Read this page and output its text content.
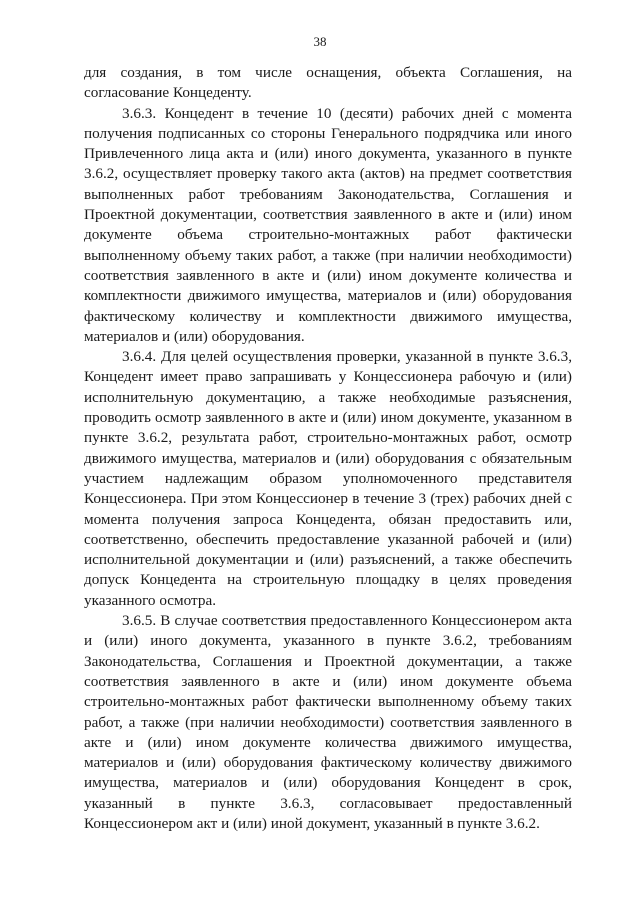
38

для создания, в том числе оснащения, объекта Соглашения, на согласование Концеденту.

3.6.3. Концедент в течение 10 (десяти) рабочих дней с момента получения подписанных со стороны Генерального подрядчика или иного Привлеченного лица акта и (или) иного документа, указанного в пункте 3.6.2, осуществляет проверку такого акта (актов) на предмет соответствия выполненных работ требованиям Законодательства, Соглашения и Проектной документации, соответствия заявленного в акте и (или) ином документе объема строительно-монтажных работ фактически выполненному объему таких работ, а также (при наличии необходимости) соответствия заявленного в акте и (или) ином документе количества и комплектности движимого имущества, материалов и (или) оборудования фактическому количеству и комплектности движимого имущества, материалов и (или) оборудования.

3.6.4. Для целей осуществления проверки, указанной в пункте 3.6.3, Концедент имеет право запрашивать у Концессионера рабочую и (или) исполнительную документацию, а также необходимые разъяснения, проводить осмотр заявленного в акте и (или) ином документе, указанном в пункте 3.6.2, результата работ, строительно-монтажных работ, осмотр движимого имущества, материалов и (или) оборудования с обязательным участием надлежащим образом уполномоченного представителя Концессионера. При этом Концессионер в течение 3 (трех) рабочих дней с момента получения запроса Концедента, обязан предоставить или, соответственно, обеспечить предоставление указанной рабочей и (или) исполнительной документации и (или) разъяснений, а также обеспечить допуск Концедента на строительную площадку в целях проведения указанного осмотра.

3.6.5. В случае соответствия предоставленного Концессионером акта и (или) иного документа, указанного в пункте 3.6.2, требованиям Законодательства, Соглашения и Проектной документации, а также соответствия заявленного в акте и (или) ином документе объема строительно-монтажных работ фактически выполненному объему таких работ, а также (при наличии необходимости) соответствия заявленного в акте и (или) ином документе количества движимого имущества, материалов и (или) оборудования фактическому количеству движимого имущества, материалов и (или) оборудования Концедент в срок, указанный в пункте 3.6.3, согласовывает предоставленный Концессионером акт и (или) иной документ, указанный в пункте 3.6.2.
